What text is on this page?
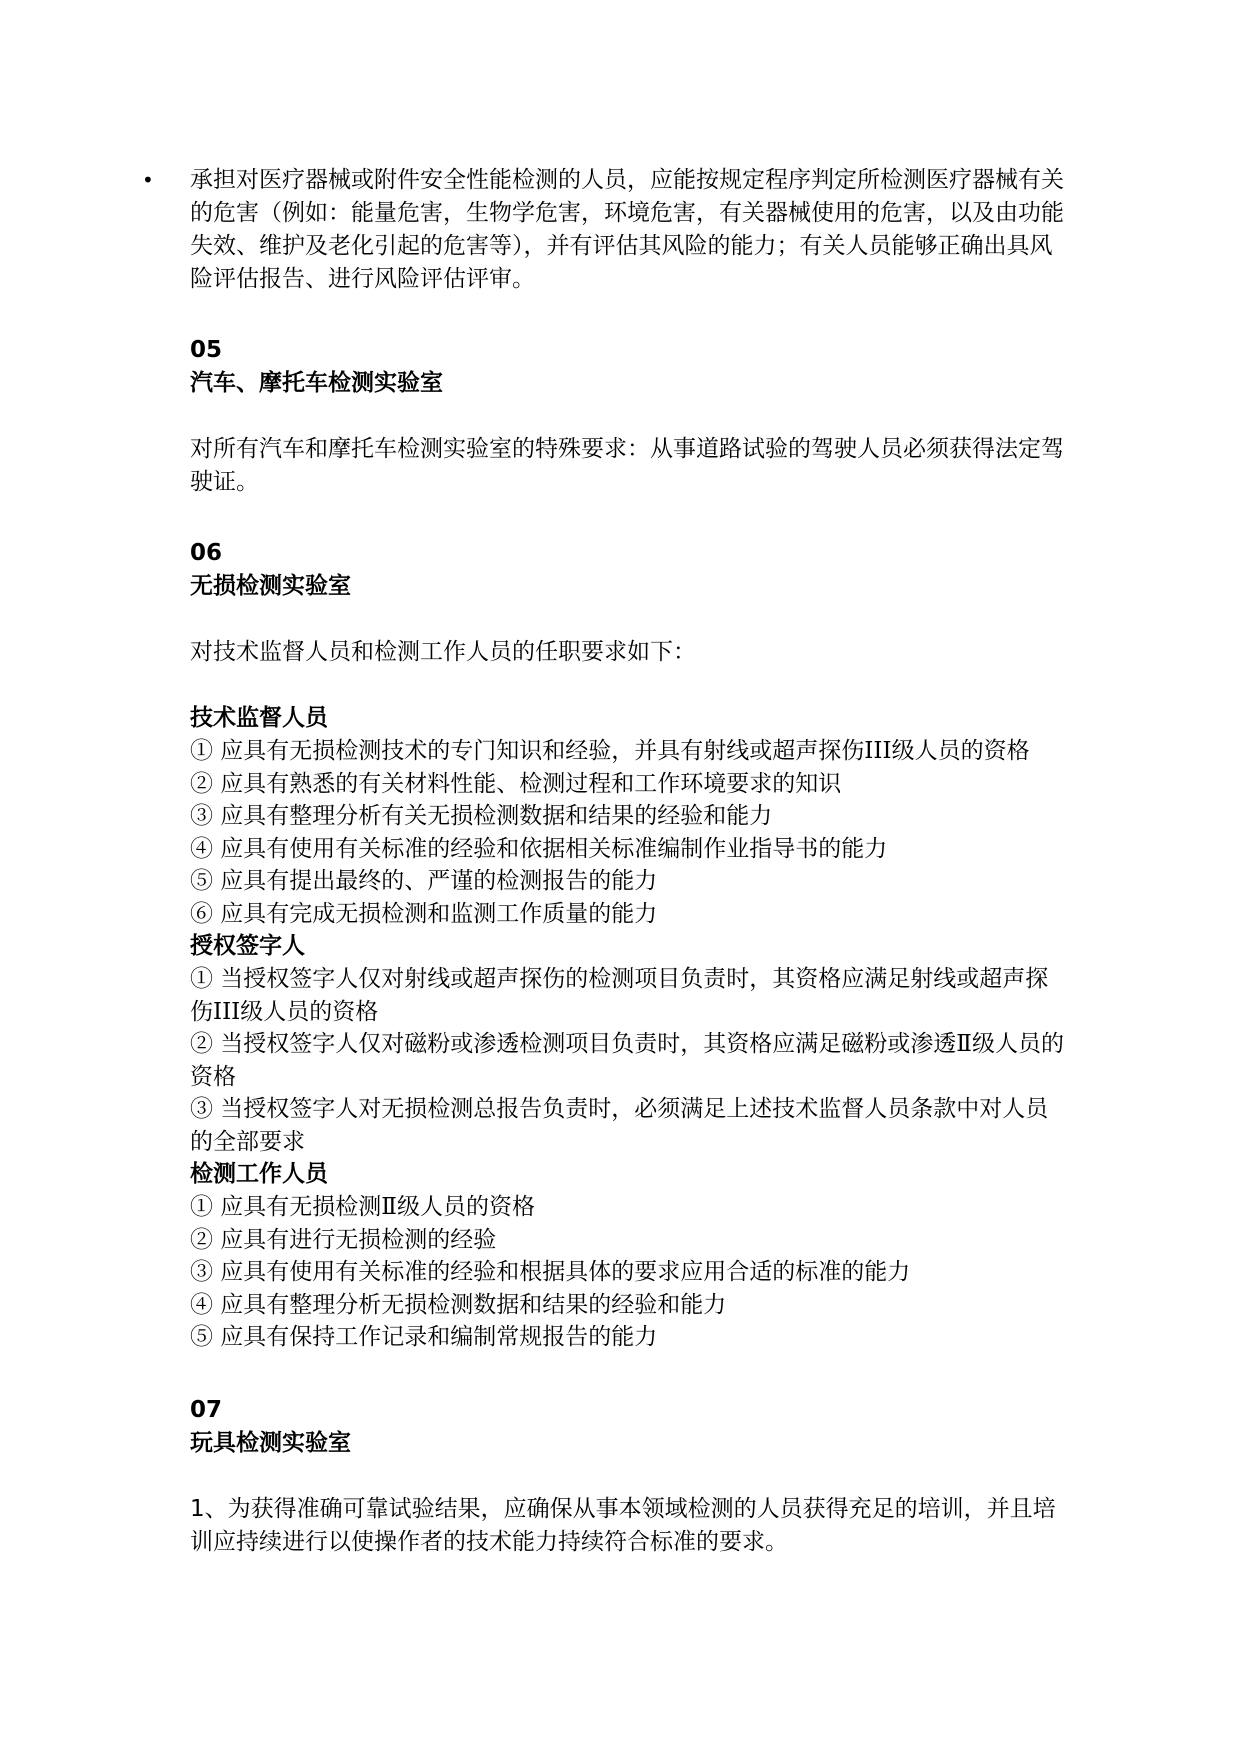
• 承担对医疗器械或附件安全性能检测的人员，应能按规定程序判定所检测医疗器械有关的危害（例如：能量危害，生物学危害，环境危害，有关器械使用的危害，以及由功能失效、维护及老化引起的危害等），并有评估其风险的能力；有关人员能够正确出具风险评估报告、进行风险评估评审。

05

汽车、摩托车检测实验室

对所有汽车和摩托车检测实验室的特殊要求：从事道路试验的驾驶人员必须获得法定驾驶证。

06

无损检测实验室

对技术监督人员和检测工作人员的任职要求如下：

技术监督人员

① 应具有无损检测技术的专门知识和经验，并具有射线或超声探伤III级人员的资格

② 应具有熟悉的有关材料性能、检测过程和工作环境要求的知识

③ 应具有整理分析有关无损检测数据和结果的经验和能力

④ 应具有使用有关标准的经验和依据相关标准编制作业指导书的能力

⑤ 应具有提出最终的、严谨的检测报告的能力

⑥ 应具有完成无损检测和监测工作质量的能力

授权签字人

① 当授权签字人仅对射线或超声探伤的检测项目负责时，其资格应满足射线或超声探伤III级人员的资格

② 当授权签字人仅对磁粉或渗透检测项目负责时，其资格应满足磁粉或渗透Ⅱ级人员的资格

③ 当授权签字人对无损检测总报告负责时，必须满足上述技术监督人员条款中对人员的全部要求

检测工作人员

① 应具有无损检测Ⅱ级人员的资格

② 应具有进行无损检测的经验

③ 应具有使用有关标准的经验和根据具体的要求应用合适的标准的能力

④ 应具有整理分析无损检测数据和结果的经验和能力

⑤ 应具有保持工作记录和编制常规报告的能力

07

玩具检测实验室

1、为获得准确可靠试验结果，应确保从事本领域检测的人员获得充足的培训，并且培训应持续进行以使操作者的技术能力持续符合标准的要求。
